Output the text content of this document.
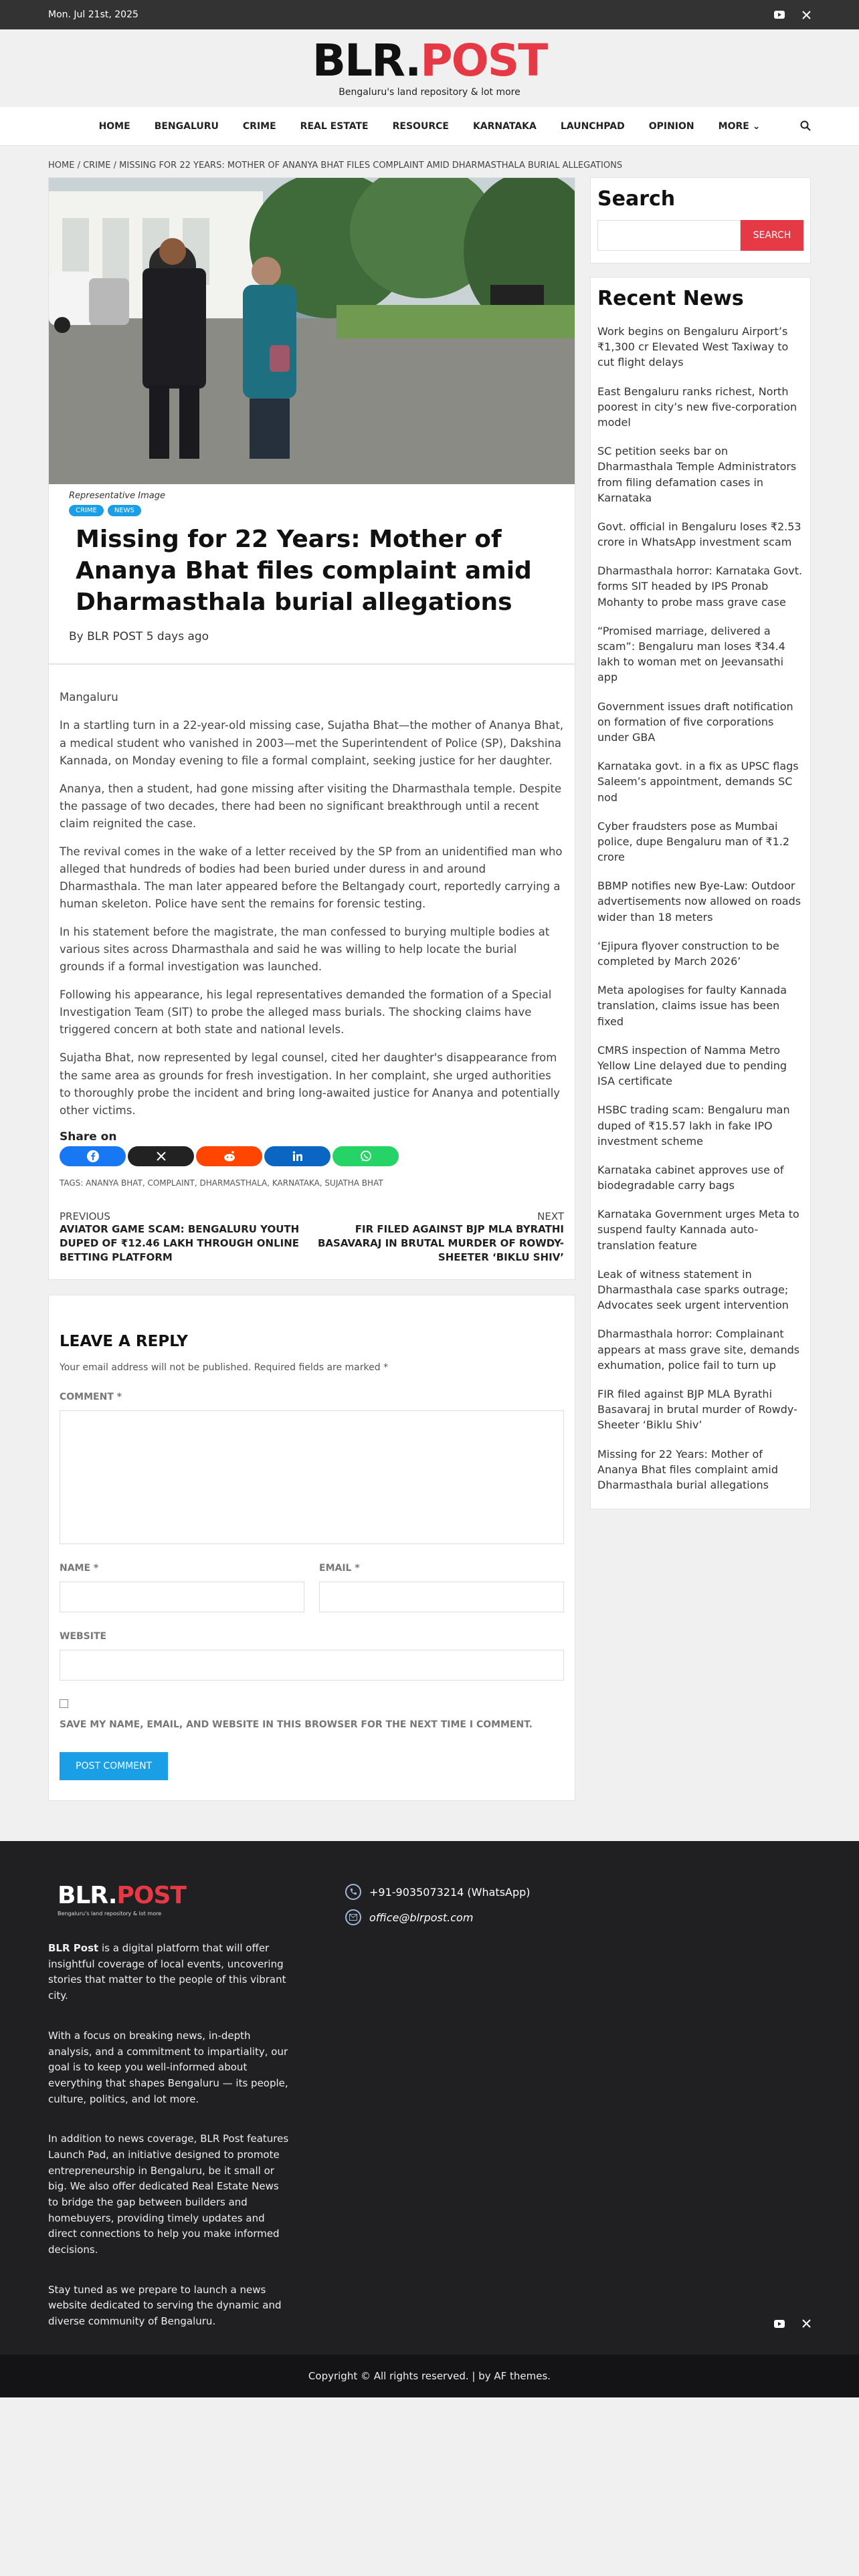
Mon. Jul 21st, 2025
BLR.POST
Bengaluru's land repository & lot more
HOME	BENGALURU	CRIME	REAL ESTATE	RESOURCE	KARNATAKA	LAUNCHPAD	OPINION	MORE ⌄
HOME / CRIME / MISSING FOR 22 YEARS: MOTHER OF ANANYA BHAT FILES COMPLAINT AMID DHARMASTHALA BURIAL ALLEGATIONS
Representative Image
CRIME	NEWS
Missing for 22 Years: Mother of Ananya Bhat files complaint amid Dharmasthala burial allegations
By BLR POST 5 days ago

Mangaluru

In a startling turn in a 22-year-old missing case, Sujatha Bhat—the mother of Ananya Bhat, a medical student who vanished in 2003—met the Superintendent of Police (SP), Dakshina Kannada, on Monday evening to file a formal complaint, seeking justice for her daughter.

Ananya, then a student, had gone missing after visiting the Dharmasthala temple. Despite the passage of two decades, there had been no significant breakthrough until a recent claim reignited the case.

The revival comes in the wake of a letter received by the SP from an unidentified man who alleged that hundreds of bodies had been buried under duress in and around Dharmasthala. The man later appeared before the Beltangady court, reportedly carrying a human skeleton. Police have sent the remains for forensic testing.

In his statement before the magistrate, the man confessed to burying multiple bodies at various sites across Dharmasthala and said he was willing to help locate the burial grounds if a formal investigation was launched.

Following his appearance, his legal representatives demanded the formation of a Special Investigation Team (SIT) to probe the alleged mass burials. The shocking claims have triggered concern at both state and national levels.

Sujatha Bhat, now represented by legal counsel, cited her daughter's disappearance from the same area as grounds for fresh investigation. In her complaint, she urged authorities to thoroughly probe the incident and bring long-awaited justice for Ananya and potentially other victims.

Share on
TAGS: ANANYA BHAT, COMPLAINT, DHARMASTHALA, KARNATAKA, SUJATHA BHAT
PREVIOUS
AVIATOR GAME SCAM: BENGALURU YOUTH DUPED OF ₹12.46 LAKH THROUGH ONLINE BETTING PLATFORM
NEXT
FIR FILED AGAINST BJP MLA BYRATHI BASAVARAJ IN BRUTAL MURDER OF ROWDY-SHEETER ‘BIKLU SHIV’
LEAVE A REPLY
Your email address will not be published. Required fields are marked *
COMMENT *
NAME *	EMAIL *
WEBSITE
SAVE MY NAME, EMAIL, AND WEBSITE IN THIS BROWSER FOR THE NEXT TIME I COMMENT.
POST COMMENT
Search
SEARCH
Recent News
Work begins on Bengaluru Airport’s ₹1,300 cr Elevated West Taxiway to cut flight delays
East Bengaluru ranks richest, North poorest in city’s new five-corporation model
SC petition seeks bar on Dharmasthala Temple Administrators from filing defamation cases in Karnataka
Govt. official in Bengaluru loses ₹2.53 crore in WhatsApp investment scam
Dharmasthala horror: Karnataka Govt. forms SIT headed by IPS Pronab Mohanty to probe mass grave case
“Promised marriage, delivered a scam”: Bengaluru man loses ₹34.4 lakh to woman met on Jeevansathi app
Government issues draft notification on formation of five corporations under GBA
Karnataka govt. in a fix as UPSC flags Saleem’s appointment, demands SC nod
Cyber fraudsters pose as Mumbai police, dupe Bengaluru man of ₹1.2 crore
BBMP notifies new Bye-Law: Outdoor advertisements now allowed on roads wider than 18 meters
‘Ejipura flyover construction to be completed by March 2026’
Meta apologises for faulty Kannada translation, claims issue has been fixed
CMRS inspection of Namma Metro Yellow Line delayed due to pending ISA certificate
HSBC trading scam: Bengaluru man duped of ₹15.57 lakh in fake IPO investment scheme
Karnataka cabinet approves use of biodegradable carry bags
Karnataka Government urges Meta to suspend faulty Kannada auto-translation feature
Leak of witness statement in Dharmasthala case sparks outrage; Advocates seek urgent intervention
Dharmasthala horror: Complainant appears at mass grave site, demands exhumation, police fail to turn up
FIR filed against BJP MLA Byrathi Basavaraj in brutal murder of Rowdy-Sheeter ‘Biklu Shiv’
Missing for 22 Years: Mother of Ananya Bhat files complaint amid Dharmasthala burial allegations
BLR.POST
Bengaluru's land repository & lot more

BLR Post is a digital platform that will offer insightful coverage of local events, uncovering stories that matter to the people of this vibrant city.

With a focus on breaking news, in-depth analysis, and a commitment to impartiality, our goal is to keep you well-informed about everything that shapes Bengaluru — its people, culture, politics, and lot more.

In addition to news coverage, BLR Post features Launch Pad, an initiative designed to promote entrepreneurship in Bengaluru, be it small or big. We also offer dedicated Real Estate News to bridge the gap between builders and homebuyers, providing timely updates and direct connections to help you make informed decisions.

Stay tuned as we prepare to launch a news website dedicated to serving the dynamic and diverse community of Bengaluru.

+91-9035073214 (WhatsApp)
office@blrpost.com
Copyright © All rights reserved. | by AF themes.
